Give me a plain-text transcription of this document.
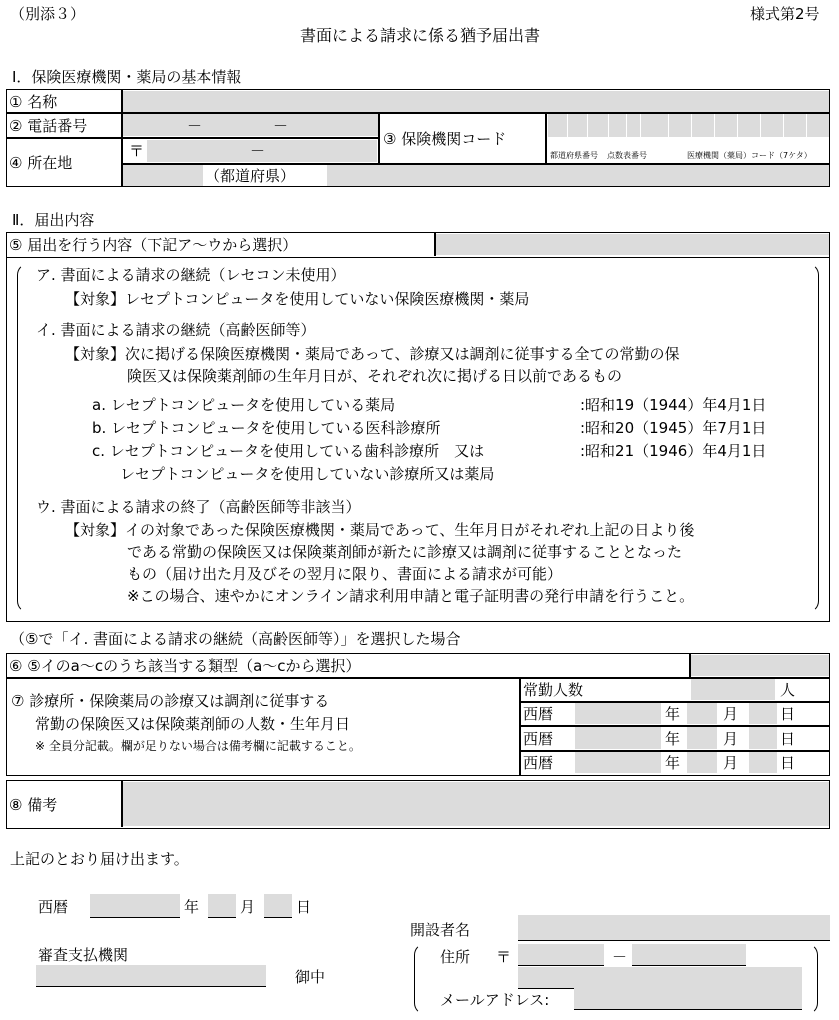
（別添３）	様式第2号
書面による請求に係る猶予届出書
Ⅰ．保険医療機関・薬局の基本情報
① 名称
② 電話番号	－	－
③ 保険機関コード
都道府県番号 点数表番号	医療機関（薬局）コード（7ケタ）
④ 所在地
〒	－
（都道府県）
Ⅱ．届出内容
⑤ 届出を行う内容（下記ア～ウから選択）
ア. 書面による請求の継続（レセコン未使用）
【対象】レセプトコンピュータを使用していない保険医療機関・薬局
イ. 書面による請求の継続（高齢医師等）
【対象】次に掲げる保険医療機関・薬局であって、診療又は調剤に従事する全ての常勤の保
険医又は保険薬剤師の生年月日が、それぞれ次に掲げる日以前であるもの
a. レセプトコンピュータを使用している薬局	:昭和19（1944）年4月1日
b. レセプトコンピュータを使用している医科診療所	:昭和20（1945）年7月1日
c. レセプトコンピュータを使用している歯科診療所　又は	:昭和21（1946）年4月1日
レセプトコンピュータを使用していない診療所又は薬局
ウ. 書面による請求の終了（高齢医師等非該当）
【対象】イの対象であった保険医療機関・薬局であって、生年月日がそれぞれ上記の日より後
である常勤の保険医又は保険薬剤師が新たに診療又は調剤に従事することとなった
もの（届け出た月及びその翌月に限り、書面による請求が可能）
※この場合、速やかにオンライン請求利用申請と電子証明書の発行申請を行うこと。
（⑤で「イ. 書面による請求の継続（高齢医師等）」を選択した場合
⑥ ⑤イのa～cのうち該当する類型（a～cから選択）
⑦ 診療所・保険薬局の診療又は調剤に従事する
常勤の保険医又は保険薬剤師の人数・生年月日
※ 全員分記載。欄が足りない場合は備考欄に記載すること。
常勤人数	人
西暦	年	月	日
西暦	年	月	日
西暦	年	月	日
⑧ 備考
上記のとおり届け出ます。
西暦	年	月	日
開設者名
審査支払機関
御中
住所 〒	－
メールアドレス:
